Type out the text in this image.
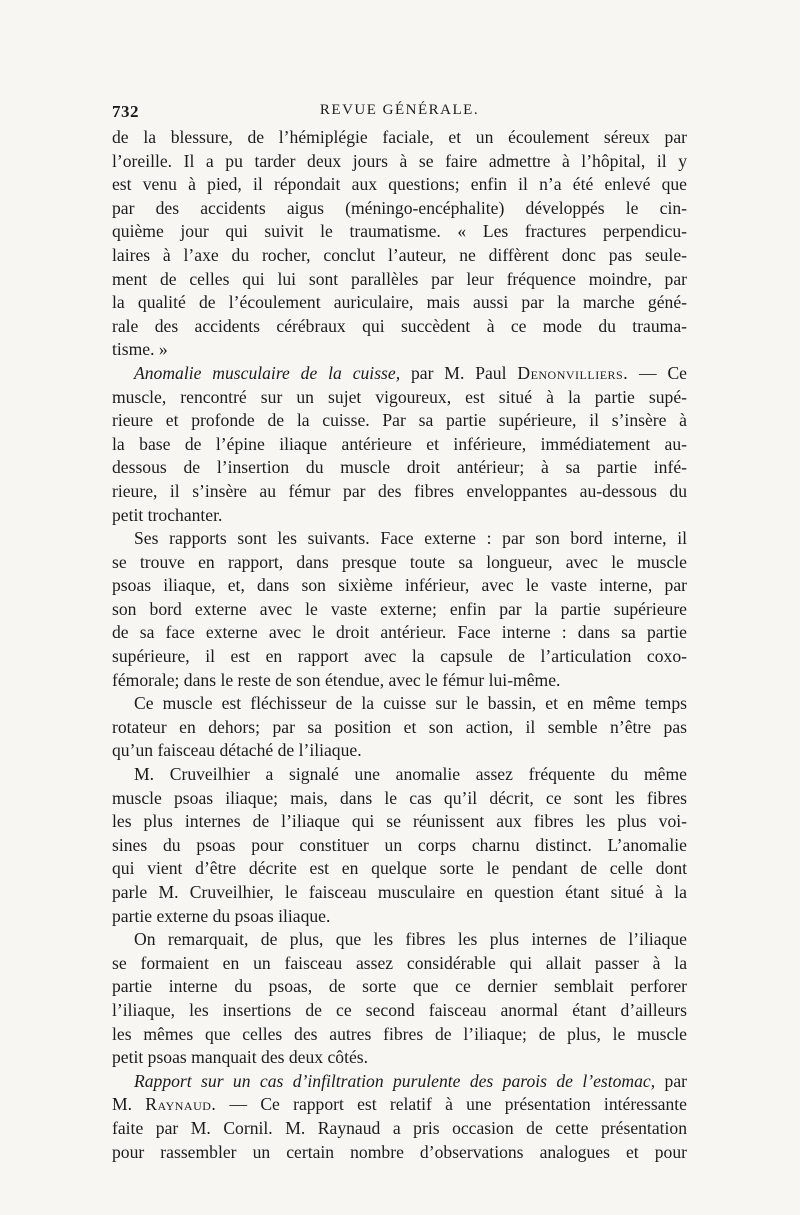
732	REVUE GÉNÉRALE.
de la blessure, de l’hémiplégie faciale, et un écoulement séreux par
l’oreille. Il a pu tarder deux jours à se faire admettre à l’hôpital, il y
est venu à pied, il répondait aux questions; enfin il n’a été enlevé que
par des accidents aigus (méningo-encéphalite) développés le cin-
quième jour qui suivit le traumatisme. « Les fractures perpendicu-
laires à l’axe du rocher, conclut l’auteur, ne diffèrent donc pas seule-
ment de celles qui lui sont parallèles par leur fréquence moindre, par
la qualité de l’écoulement auriculaire, mais aussi par la marche géné-
rale des accidents cérébraux qui succèdent à ce mode du trauma-
tisme. »
Anomalie musculaire de la cuisse, par M. Paul Denonvilliers. — Ce
muscle, rencontré sur un sujet vigoureux, est situé à la partie supé-
rieure et profonde de la cuisse. Par sa partie supérieure, il s’insère à
la base de l’épine iliaque antérieure et inférieure, immédiatement au-
dessous de l’insertion du muscle droit antérieur; à sa partie infé-
rieure, il s’insère au fémur par des fibres enveloppantes au-dessous du
petit trochanter.
Ses rapports sont les suivants. Face externe : par son bord interne, il
se trouve en rapport, dans presque toute sa longueur, avec le muscle
psoas iliaque, et, dans son sixième inférieur, avec le vaste interne, par
son bord externe avec le vaste externe; enfin par la partie supérieure
de sa face externe avec le droit antérieur. Face interne : dans sa partie
supérieure, il est en rapport avec la capsule de l’articulation coxo-
fémorale; dans le reste de son étendue, avec le fémur lui-même.
Ce muscle est fléchisseur de la cuisse sur le bassin, et en même temps
rotateur en dehors; par sa position et son action, il semble n’être pas
qu’un faisceau détaché de l’iliaque.
M. Cruveilhier a signalé une anomalie assez fréquente du même
muscle psoas iliaque; mais, dans le cas qu’il décrit, ce sont les fibres
les plus internes de l’iliaque qui se réunissent aux fibres les plus voi-
sines du psoas pour constituer un corps charnu distinct. L’anomalie
qui vient d’être décrite est en quelque sorte le pendant de celle dont
parle M. Cruveilhier, le faisceau musculaire en question étant situé à la
partie externe du psoas iliaque.
On remarquait, de plus, que les fibres les plus internes de l’iliaque
se formaient en un faisceau assez considérable qui allait passer à la
partie interne du psoas, de sorte que ce dernier semblait perforer
l’iliaque, les insertions de ce second faisceau anormal étant d’ailleurs
les mêmes que celles des autres fibres de l’iliaque; de plus, le muscle
petit psoas manquait des deux côtés.
Rapport sur un cas d’infiltration purulente des parois de l’estomac, par
M. Raynaud. — Ce rapport est relatif à une présentation intéressante
faite par M. Cornil. M. Raynaud a pris occasion de cette présentation
pour rassembler un certain nombre d’observations analogues et pour
